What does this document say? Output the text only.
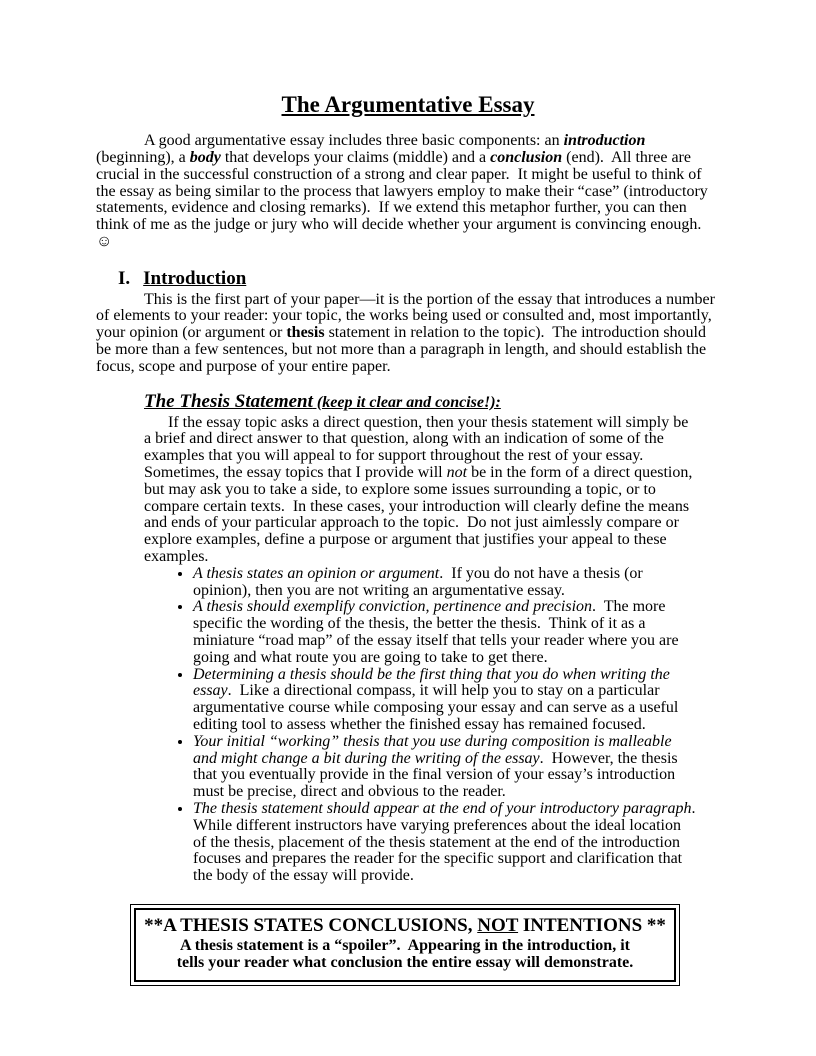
The Argumentative Essay

A good argumentative essay includes three basic components: an introduction (beginning), a body that develops your claims (middle) and a conclusion (end).  All three are crucial in the successful construction of a strong and clear paper.  It might be useful to think of the essay as being similar to the process that lawyers employ to make their “case” (introductory statements, evidence and closing remarks).  If we extend this metaphor further, you can then think of me as the judge or jury who will decide whether your argument is convincing enough.   ☺

I. Introduction

This is the first part of your paper—it is the portion of the essay that introduces a number of elements to your reader: your topic, the works being used or consulted and, most importantly, your opinion (or argument or thesis statement in relation to the topic).  The introduction should be more than a few sentences, but not more than a paragraph in length, and should establish the focus, scope and purpose of your entire paper.

The Thesis Statement (keep it clear and concise!):

If the essay topic asks a direct question, then your thesis statement will simply be a brief and direct answer to that question, along with an indication of some of the examples that you will appeal to for support throughout the rest of your essay.  Sometimes, the essay topics that I provide will not be in the form of a direct question, but may ask you to take a side, to explore some issues surrounding a topic, or to compare certain texts.  In these cases, your introduction will clearly define the means and ends of your particular approach to the topic.  Do not just aimlessly compare or explore examples, define a purpose or argument that justifies your appeal to these examples.

• A thesis states an opinion or argument.  If you do not have a thesis (or opinion), then you are not writing an argumentative essay.
• A thesis should exemplify conviction, pertinence and precision.  The more specific the wording of the thesis, the better the thesis.  Think of it as a miniature “road map” of the essay itself that tells your reader where you are going and what route you are going to take to get there.
• Determining a thesis should be the first thing that you do when writing the essay.  Like a directional compass, it will help you to stay on a particular argumentative course while composing your essay and can serve as a useful editing tool to assess whether the finished essay has remained focused.
• Your initial “working” thesis that you use during composition is malleable and might change a bit during the writing of the essay.  However, the thesis that you eventually provide in the final version of your essay’s introduction must be precise, direct and obvious to the reader.
• The thesis statement should appear at the end of your introductory paragraph.  While different instructors have varying preferences about the ideal location of the thesis, placement of the thesis statement at the end of the introduction focuses and prepares the reader for the specific support and clarification that the body of the essay will provide.

**A THESIS STATES CONCLUSIONS, NOT INTENTIONS **

A thesis statement is a “spoiler”.  Appearing in the introduction, it tells your reader what conclusion the entire essay will demonstrate.
